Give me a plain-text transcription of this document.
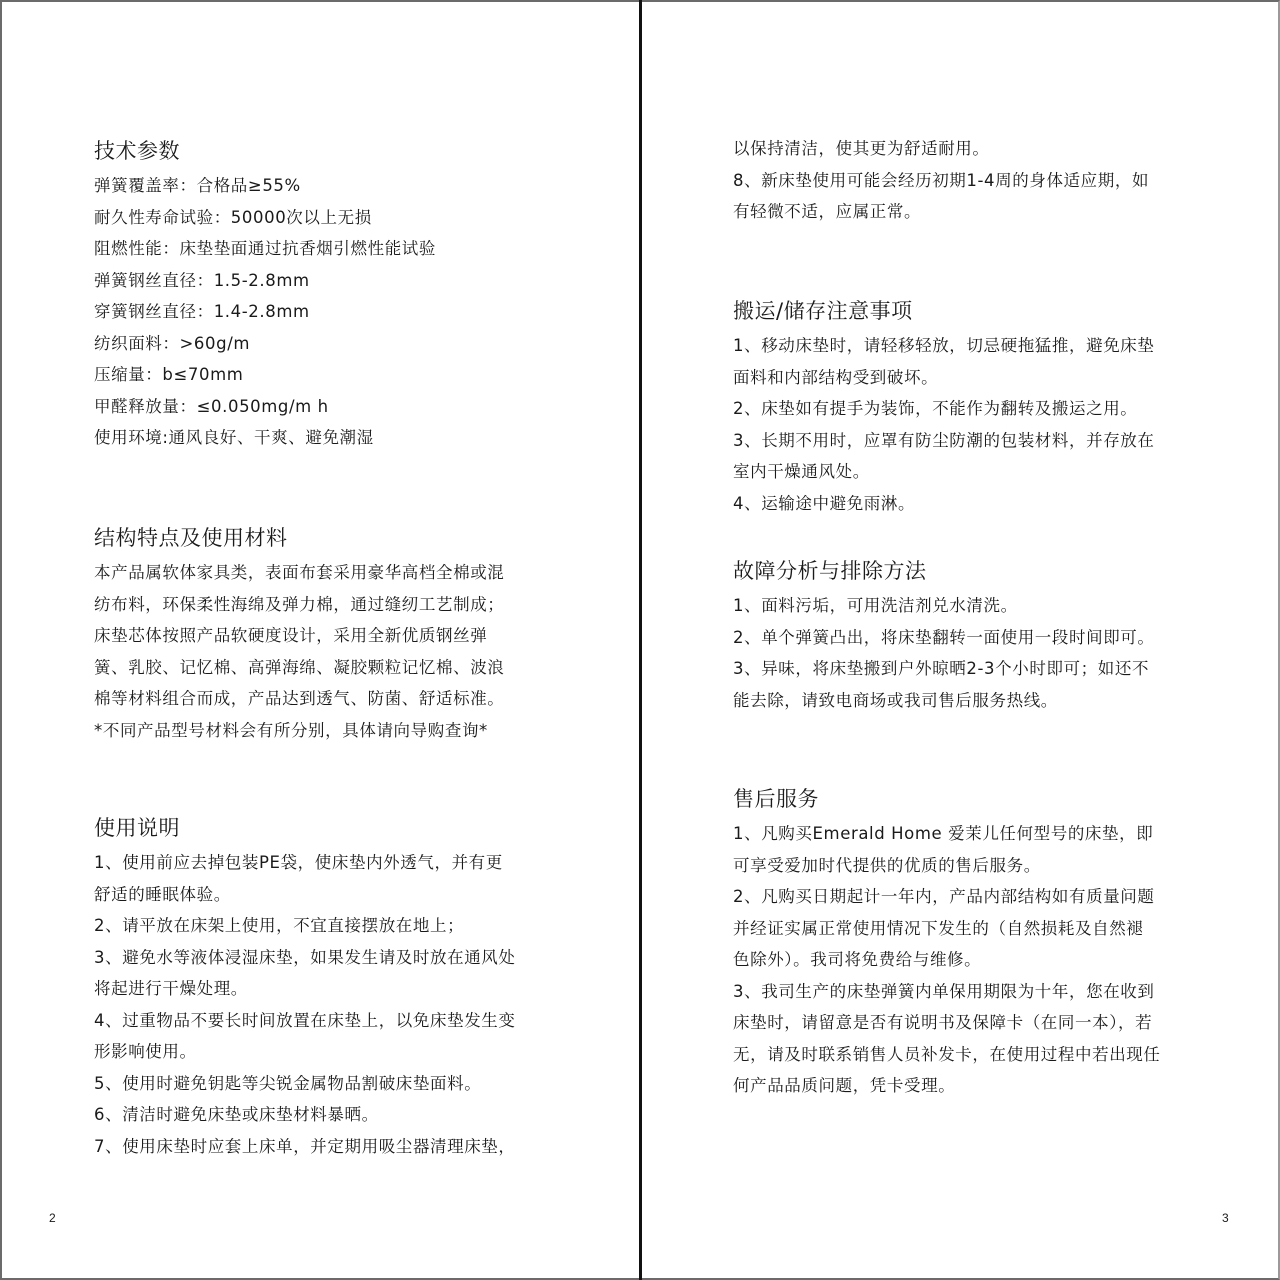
技术参数
弹簧覆盖率：合格品≥55%
耐久性寿命试验：50000次以上无损
阻燃性能：床垫垫面通过抗香烟引燃性能试验
弹簧钢丝直径：1.5-2.8mm
穿簧钢丝直径：1.4-2.8mm
纺织面料：>60g/m
压缩量：b≤70mm
甲醛释放量：≤0.050mg/m h
使用环境:通风良好、干爽、避免潮湿
结构特点及使用材料
本产品属软体家具类，表面布套采用豪华高档全棉或混
纺布料，环保柔性海绵及弹力棉，通过缝纫工艺制成；
床垫芯体按照产品软硬度设计，采用全新优质钢丝弹
簧、乳胶、记忆棉、高弹海绵、凝胶颗粒记忆棉、波浪
棉等材料组合而成，产品达到透气、防菌、舒适标准。
*不同产品型号材料会有所分别，具体请向导购查询*
使用说明
1、使用前应去掉包装PE袋，使床垫内外透气，并有更
舒适的睡眠体验。
2、请平放在床架上使用，不宜直接摆放在地上；
3、避免水等液体浸湿床垫，如果发生请及时放在通风处
将起进行干燥处理。
4、过重物品不要长时间放置在床垫上，以免床垫发生变
形影响使用。
5、使用时避免钥匙等尖锐金属物品割破床垫面料。
6、清洁时避免床垫或床垫材料暴晒。
7、使用床垫时应套上床单，并定期用吸尘器清理床垫，
2
以保持清洁，使其更为舒适耐用。
8、新床垫使用可能会经历初期1-4周的身体适应期，如
有轻微不适，应属正常。
搬运/储存注意事项
1、移动床垫时，请轻移轻放，切忌硬拖猛推，避免床垫
面料和内部结构受到破坏。
2、床垫如有提手为装饰，不能作为翻转及搬运之用。
3、长期不用时，应罩有防尘防潮的包装材料，并存放在
室内干燥通风处。
4、运输途中避免雨淋。
故障分析与排除方法
1、面料污垢，可用洗洁剂兑水清洗。
2、单个弹簧凸出，将床垫翻转一面使用一段时间即可。
3、异味，将床垫搬到户外晾晒2-3个小时即可；如还不
能去除，请致电商场或我司售后服务热线。
售后服务
1、凡购买Emerald Home 爱茉儿任何型号的床垫，即
可享受爱加时代提供的优质的售后服务。
2、凡购买日期起计一年内，产品内部结构如有质量问题
并经证实属正常使用情况下发生的（自然损耗及自然褪
色除外）。我司将免费给与维修。
3、我司生产的床垫弹簧内单保用期限为十年，您在收到
床垫时，请留意是否有说明书及保障卡（在同一本），若
无，请及时联系销售人员补发卡，在使用过程中若出现任
何产品品质问题，凭卡受理。
3
